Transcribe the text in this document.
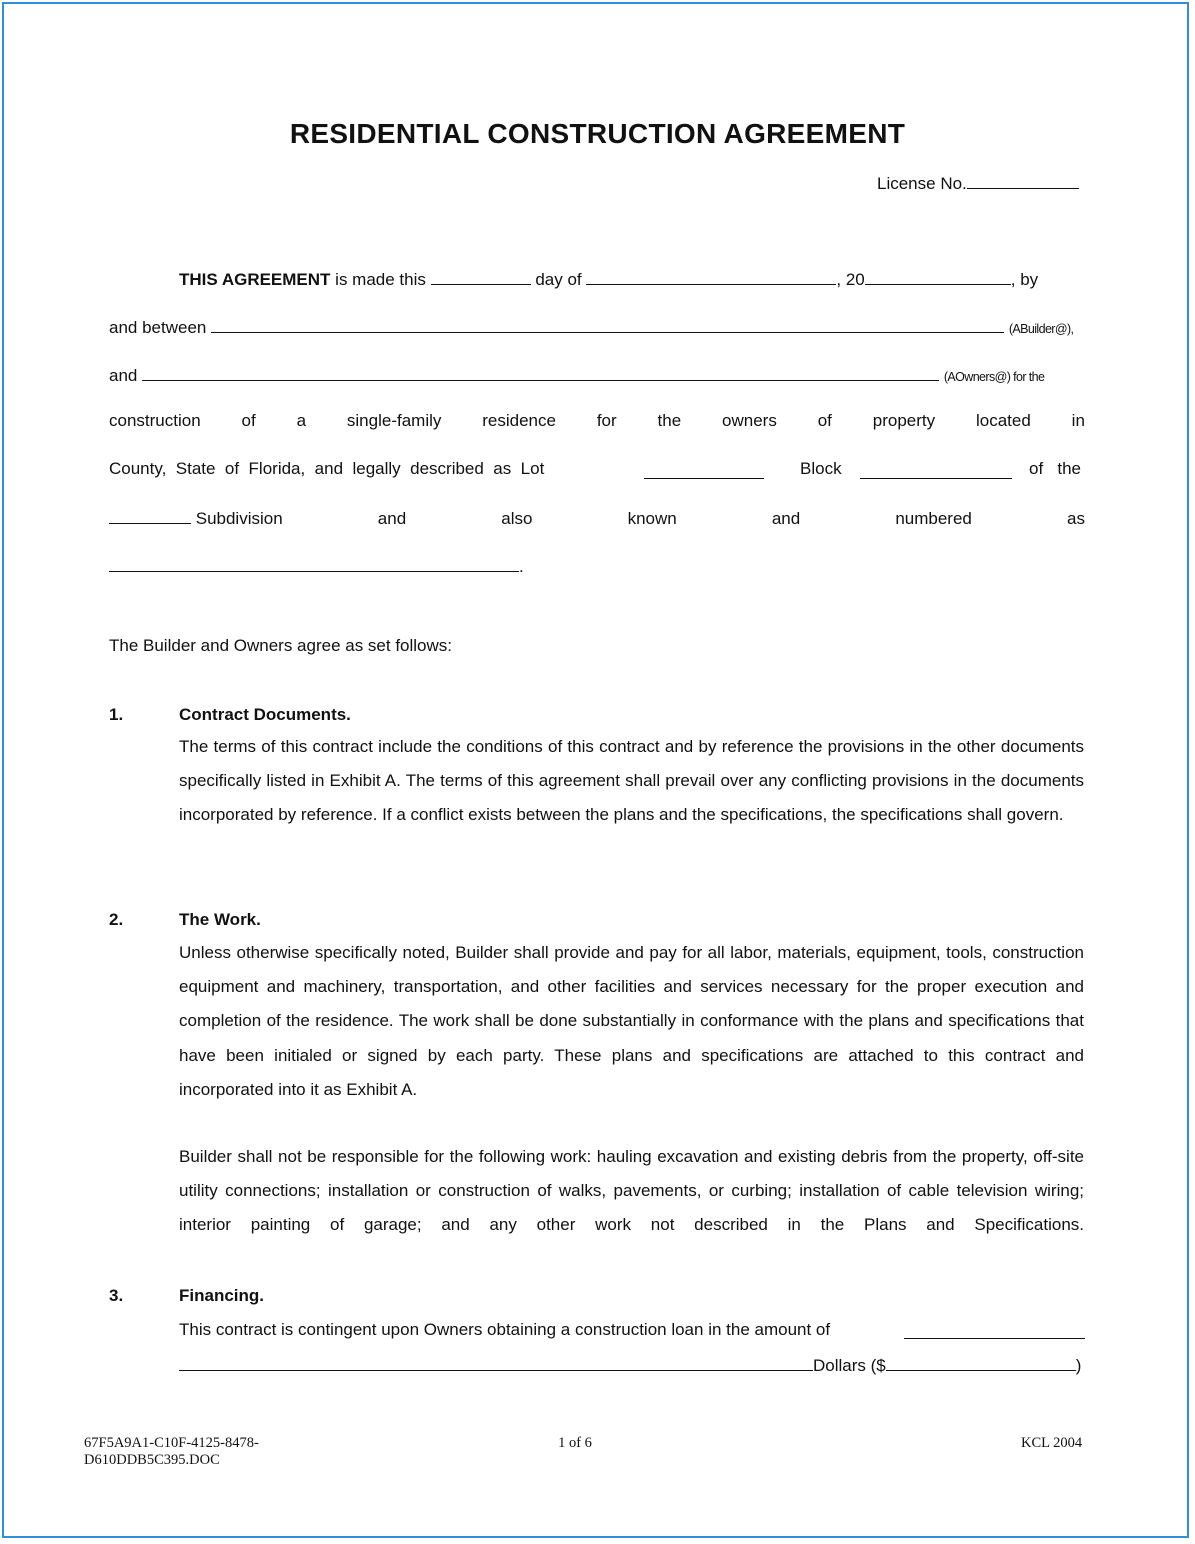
RESIDENTIAL CONSTRUCTION AGREEMENT
License No.
THIS AGREEMENT is made this	day of	, 20	, by
and between	(ABuilder@),
and	(AOwners@) for the
construction of a single-family residence for the owners of property located in
County,  State  of  Florida,  and  legally  described  as  Lot	Block	of   the
Subdivision	and	also	known	and	numbered	as
.
The Builder and Owners agree as set follows:
1.	Contract Documents.
The terms of this contract include the conditions of this contract and by reference the provisions in the other documents specifically listed in Exhibit A. The terms of this agreement shall prevail over any conflicting provisions in the documents incorporated by reference. If a conflict exists between the plans and the specifications, the specifications shall govern.
2.	The Work.
Unless otherwise specifically noted, Builder shall provide and pay for all labor, materials, equipment, tools, construction equipment and machinery, transportation, and other facilities and services necessary for the proper execution and completion of the residence. The work shall be done substantially in conformance with the plans and specifications that have been initialed or signed by each party. These plans and specifications are attached to this contract and incorporated into it as Exhibit A.
Builder shall not be responsible for the following work: hauling excavation and existing debris from the property, off-site utility connections; installation or construction of walks, pavements, or curbing; installation of cable television wiring; interior painting of garage; and any other work not described in the Plans and Specifications.
3.	Financing.
This contract is contingent upon Owners obtaining a construction loan in the amount of
Dollars ($	)
67F5A9A1-C10F-4125-8478-
D610DDB5C395.DOC
1 of 6	KCL 2004
